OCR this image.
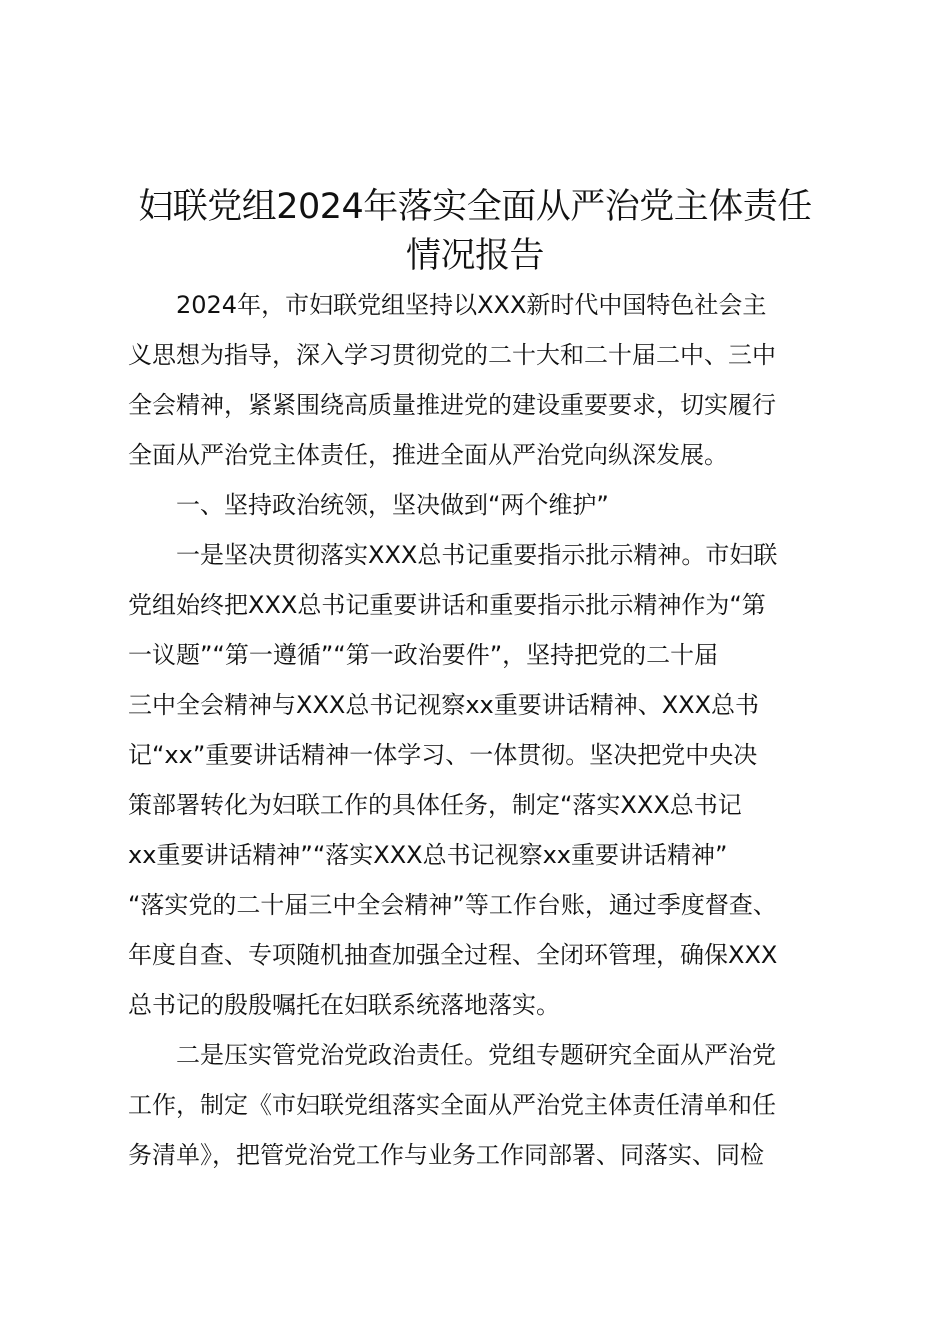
妇联党组2024年落实全面从严治党主体责任
情况报告
2024年，市妇联党组坚持以XXX新时代中国特色社会主
义思想为指导，深入学习贯彻党的二十大和二十届二中、三中
全会精神，紧紧围绕高质量推进党的建设重要要求，切实履行
全面从严治党主体责任，推进全面从严治党向纵深发展。
一、坚持政治统领，坚决做到“两个维护”
一是坚决贯彻落实XXX总书记重要指示批示精神。市妇联
党组始终把XXX总书记重要讲话和重要指示批示精神作为“第
一议题”“第一遵循”“第一政治要件”，坚持把党的二十届
三中全会精神与XXX总书记视察xx重要讲话精神、XXX总书
记“xx”重要讲话精神一体学习、一体贯彻。坚决把党中央决
策部署转化为妇联工作的具体任务，制定“落实XXX总书记
xx重要讲话精神”“落实XXX总书记视察xx重要讲话精神”
“落实党的二十届三中全会精神”等工作台账，通过季度督查、
年度自查、专项随机抽查加强全过程、全闭环管理，确保XXX
总书记的殷殷嘱托在妇联系统落地落实。
二是压实管党治党政治责任。党组专题研究全面从严治党
工作，制定《市妇联党组落实全面从严治党主体责任清单和任
务清单》，把管党治党工作与业务工作同部署、同落实、同检
